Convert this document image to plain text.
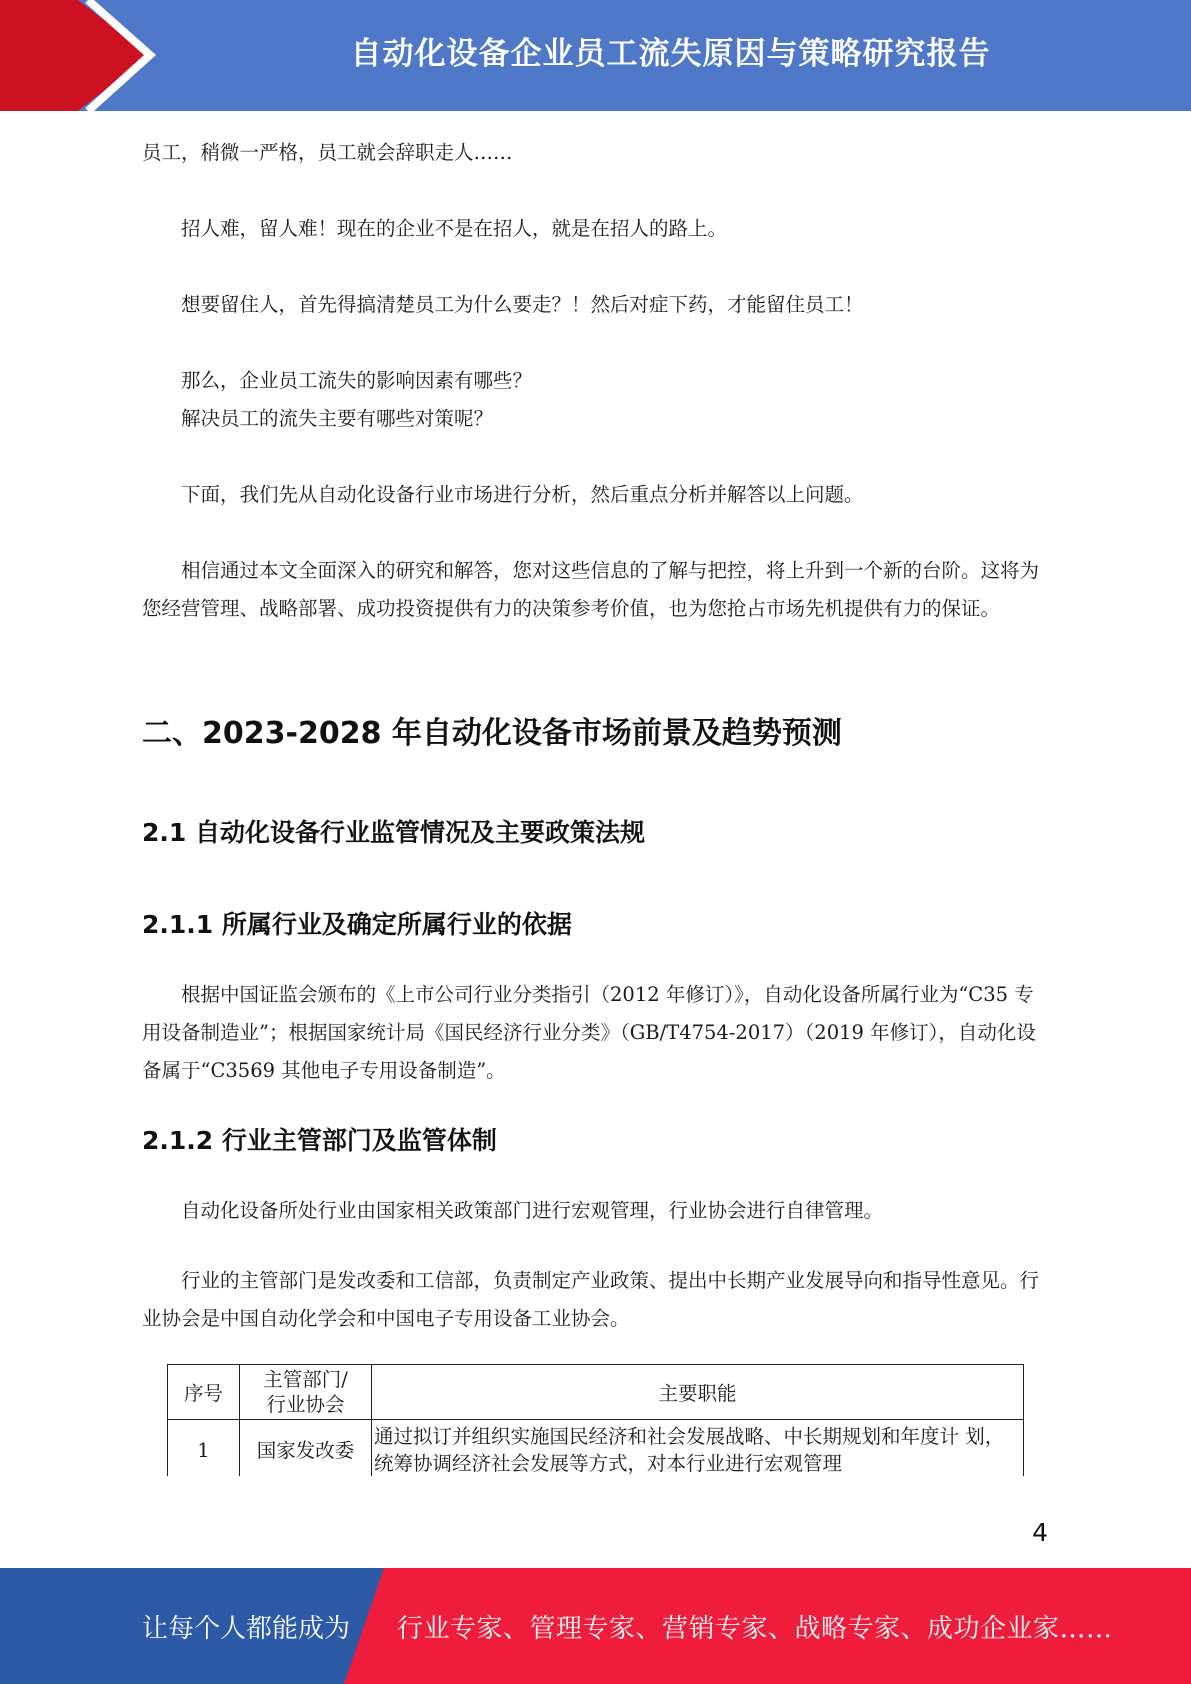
自动化设备企业员工流失原因与策略研究报告

员工，稍微一严格，员工就会辞职走人……

招人难，留人难！现在的企业不是在招人，就是在招人的路上。

想要留住人，首先得搞清楚员工为什么要走？！然后对症下药，才能留住员工！

那么，企业员工流失的影响因素有哪些？

解决员工的流失主要有哪些对策呢？

下面，我们先从自动化设备行业市场进行分析，然后重点分析并解答以上问题。

相信通过本文全面深入的研究和解答，您对这些信息的了解与把控，将上升到一个新的台阶。这将为您经营管理、战略部署、成功投资提供有力的决策参考价值，也为您抢占市场先机提供有力的保证。

二、2023-2028 年自动化设备市场前景及趋势预测
2.1 自动化设备行业监管情况及主要政策法规
2.1.1 所属行业及确定所属行业的依据

根据中国证监会颁布的《上市公司行业分类指引（2012 年修订）》，自动化设备所属行业为“C35 专用设备制造业”；根据国家统计局《国民经济行业分类》（GB/T4754-2017）（2019 年修订），自动化设备属于“C3569 其他电子专用设备制造”。

2.1.2 行业主管部门及监管体制

自动化设备所处行业由国家相关政策部门进行宏观管理，行业协会进行自律管理。

行业的主管部门是发改委和工信部，负责制定产业政策、提出中长期产业发展导向和指导性意见。行业协会是中国自动化学会和中国电子专用设备工业协会。

序号	主管部门/行业协会	主要职能
1	国家发改委	通过拟订并组织实施国民经济和社会发展战略、中长期规划和年度计 划，统筹协调经济社会发展等方式，对本行业进行宏观管理
4
让每个人都能成为 行业专家、管理专家、营销专家、战略专家、成功企业家……
